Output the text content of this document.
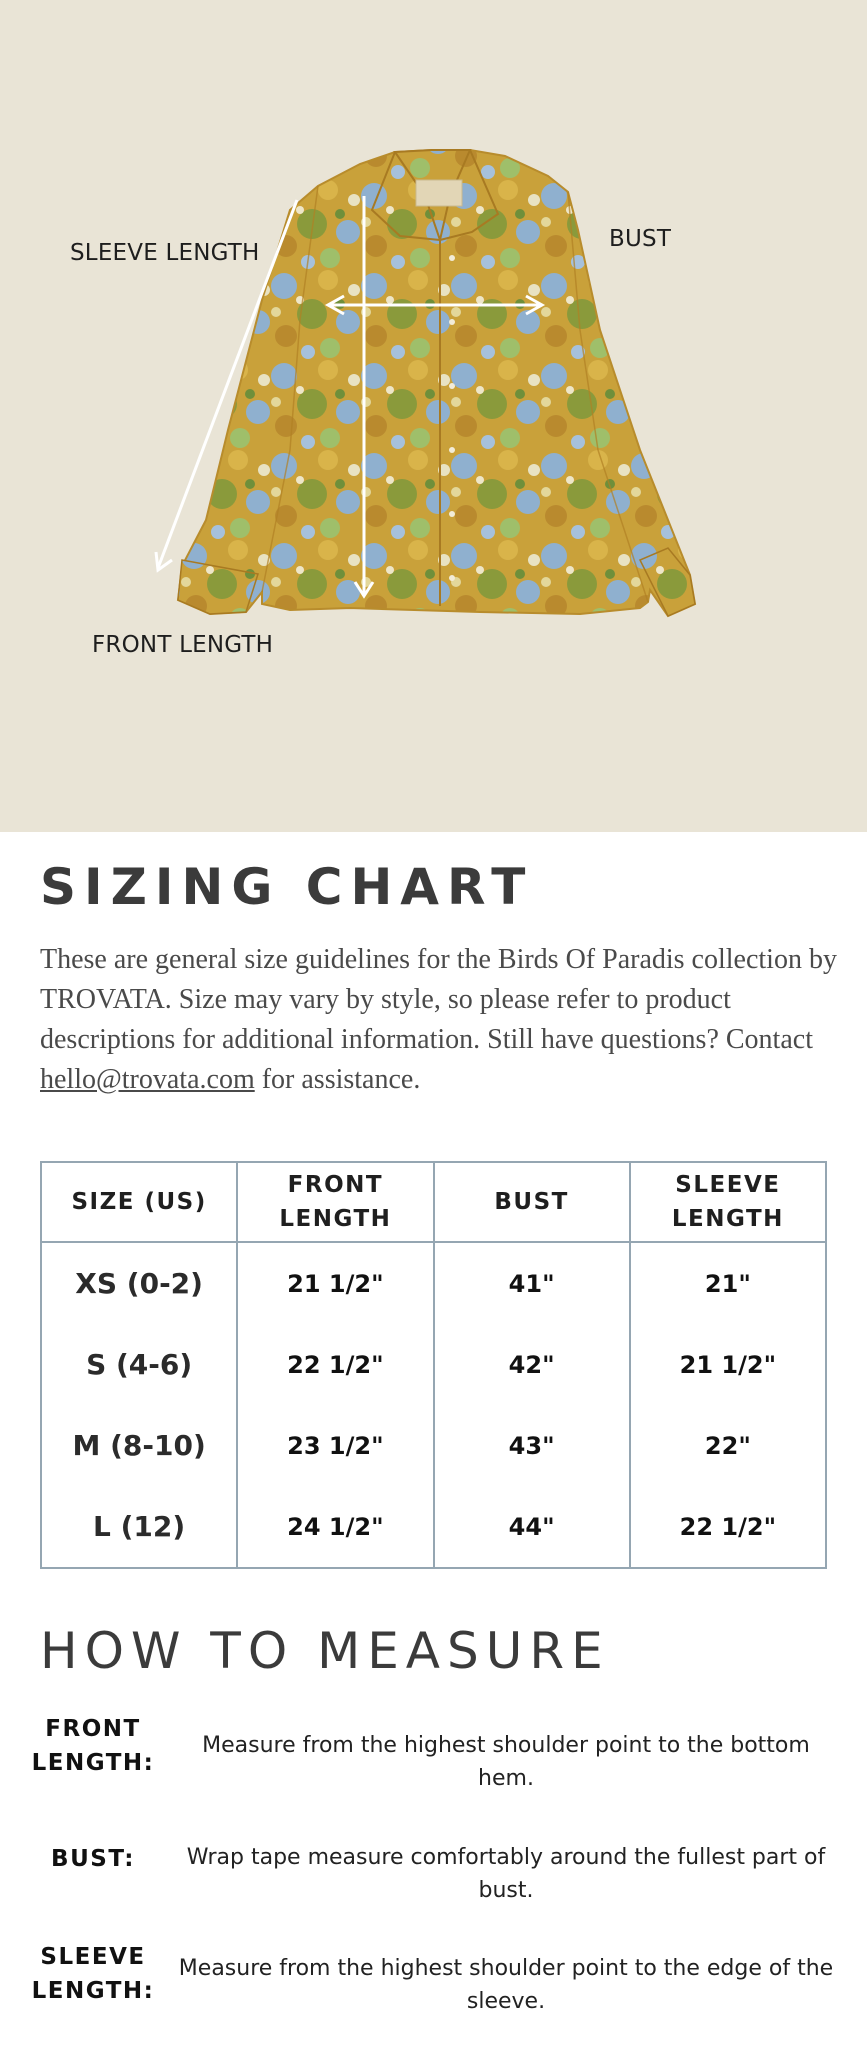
SLEEVE LENGTH
BUST
FRONT LENGTH
SIZING CHART

These are general size guidelines for the Birds Of Paradis collection by TROVATA. Size may vary by style, so please refer to product descriptions for additional information. Still have questions? Contact hello@trovata.com for assistance.

SIZE (US)	FRONT LENGTH	BUST	SLEEVE LENGTH
XS (0-2)	21 1/2"	41"	21"
S (4-6)	22 1/2"	42"	21 1/2"
M (8-10)	23 1/2"	43"	22"
L (12)	24 1/2"	44"	22 1/2"
HOW TO MEASURE
FRONT LENGTH:
Measure from the highest shoulder point to the bottom hem.
BUST:	Wrap tape measure comfortably around the fullest part of bust.
SLEEVE LENGTH:
Measure from the highest shoulder point to the edge of the sleeve.
